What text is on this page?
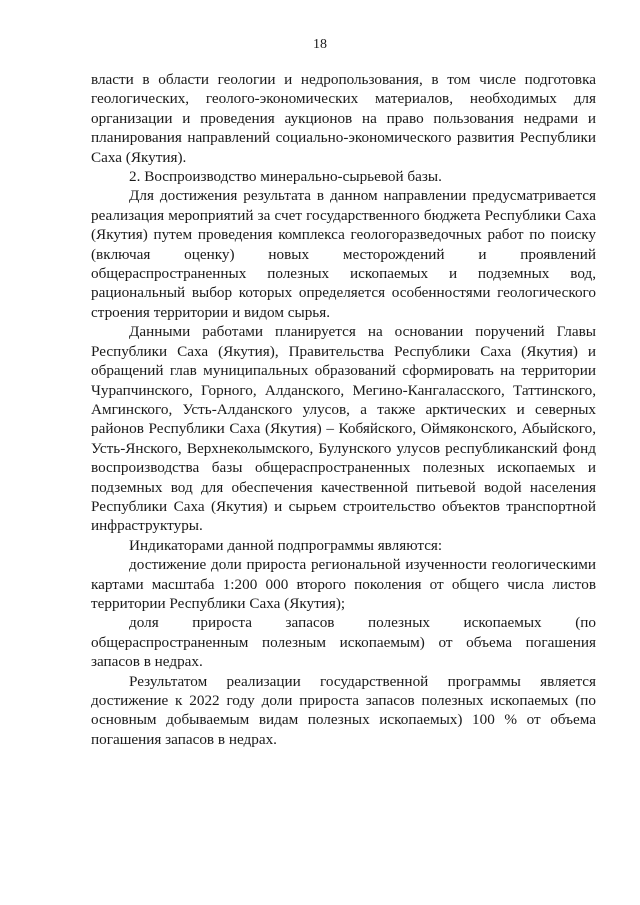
18

власти в области геологии и недропользования, в том числе подготовка геологических, геолого-экономических материалов, необходимых для организации и проведения аукционов на право пользования недрами и планирования направлений социально-экономического развития Республики Саха (Якутия).

2. Воспроизводство минерально-сырьевой базы.

Для достижения результата в данном направлении предусматривается реализация мероприятий за счет государственного бюджета Республики Саха (Якутия) путем проведения комплекса геологоразведочных работ по поиску (включая оценку) новых месторождений и проявлений общераспространенных полезных ископаемых и подземных вод, рациональный выбор которых определяется особенностями геологического строения территории и видом сырья.

Данными работами планируется на основании поручений Главы Республики Саха (Якутия), Правительства Республики Саха (Якутия) и обращений глав муниципальных образований сформировать на территории Чурапчинского, Горного, Алданского, Мегино-Кангаласского, Таттинского, Амгинского, Усть-Алданского улусов, а также арктических и северных районов Республики Саха (Якутия) – Кобяйского, Оймяконского, Абыйского, Усть-Янского, Верхнеколымского, Булунского улусов республиканский фонд воспроизводства базы общераспространенных полезных ископаемых и подземных вод для обеспечения качественной питьевой водой населения Республики Саха (Якутия) и сырьем строительство объектов транспортной инфраструктуры.

Индикаторами данной подпрограммы являются:

достижение доли прироста региональной изученности геологическими картами масштаба 1:200 000 второго поколения от общего числа листов территории Республики Саха (Якутия);

доля прироста запасов полезных ископаемых (по общераспространенным полезным ископаемым) от объема погашения запасов в недрах.

Результатом реализации государственной программы является достижение к 2022 году доли прироста запасов полезных ископаемых (по основным добываемым видам полезных ископаемых) 100 % от объема погашения запасов в недрах.
